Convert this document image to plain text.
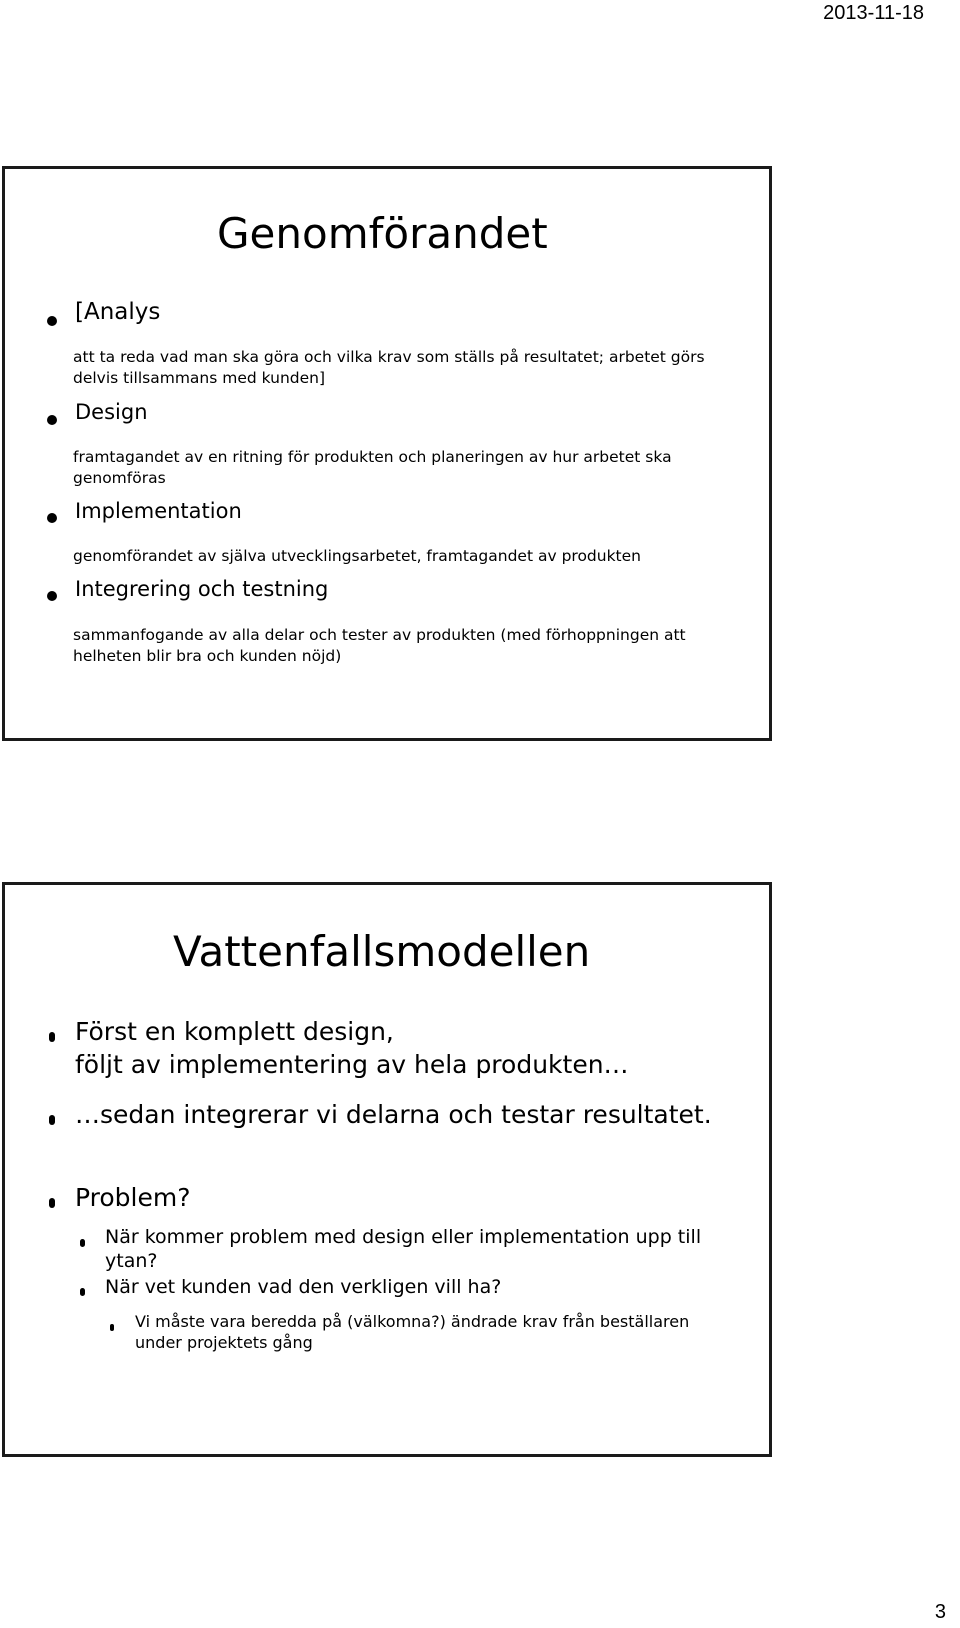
2013-11-18
Genomförandet
[Analys
att ta reda vad man ska göra och vilka krav som ställs på resultatet; arbetet görs delvis tillsammans med kunden]
Design
framtagandet av en ritning för produkten och planeringen av hur arbetet ska genomföras
Implementation
genomförandet av själva utvecklingsarbetet, framtagandet av produkten
Integrering och testning
sammanfogande av alla delar och tester av produkten (med förhoppningen att helheten blir bra och kunden nöjd)
Vattenfallsmodellen
Först en komplett design,
följt av implementering av hela produkten…
…sedan integrerar vi delarna och testar resultatet.
Problem?
När kommer problem med design eller implementation upp till ytan?
När vet kunden vad den verkligen vill ha?
Vi måste vara beredda på (välkomna?) ändrade krav från beställaren under projektets gång
3
